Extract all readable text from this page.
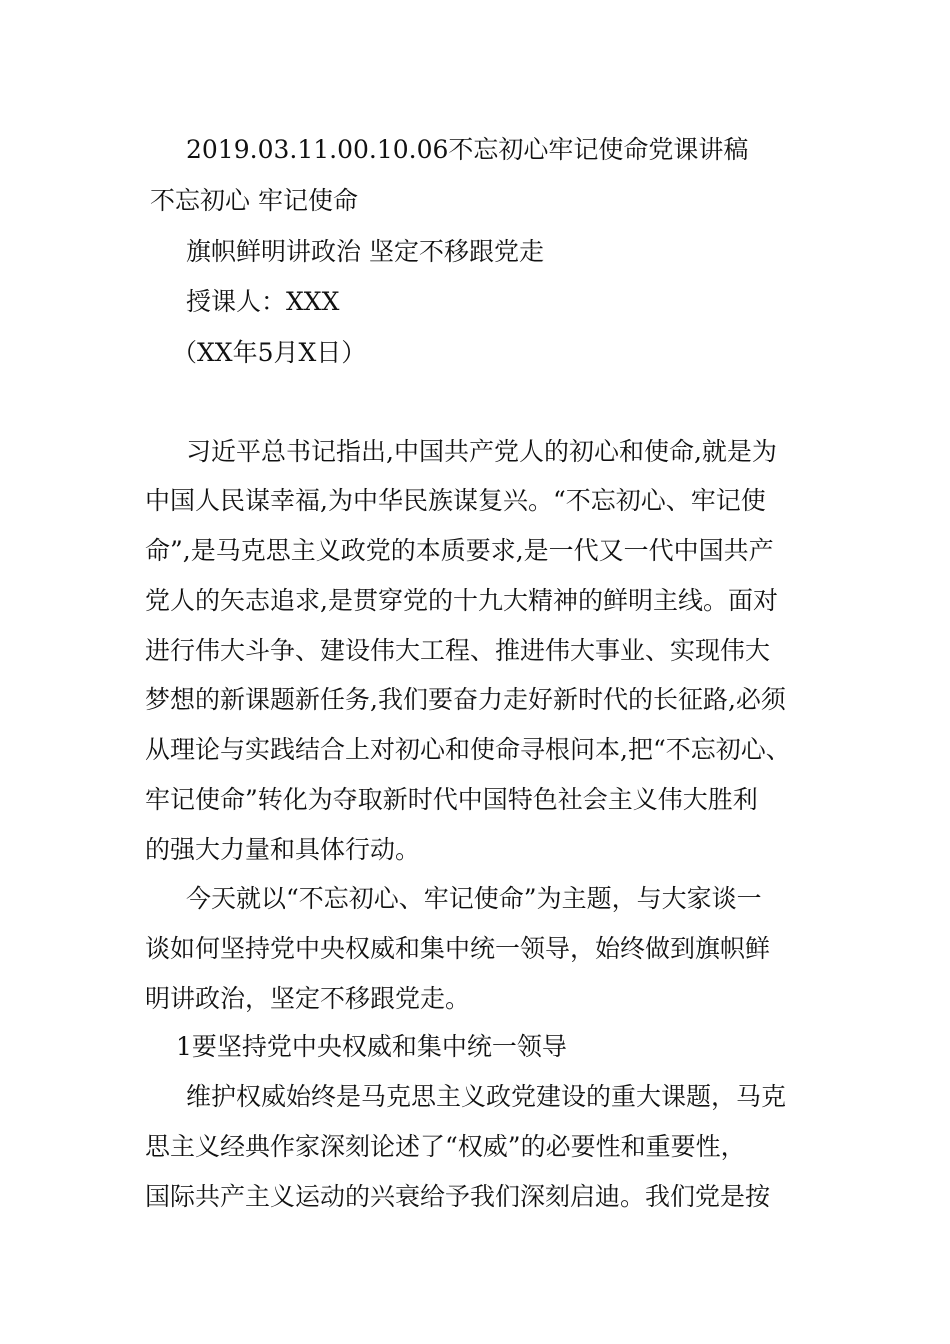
2019.03.11.00.10.06不忘初心牢记使命党课讲稿
不忘初心 牢记使命
旗帜鲜明讲政治 坚定不移跟党走
授课人：XXX
（XX年5月X日）
习近平总书记指出,中国共产党人的初心和使命,就是为
中国人民谋幸福,为中华民族谋复兴。“不忘初心、牢记使
命”,是马克思主义政党的本质要求,是一代又一代中国共产
党人的矢志追求,是贯穿党的十九大精神的鲜明主线。面对
进行伟大斗争、建设伟大工程、推进伟大事业、实现伟大
梦想的新课题新任务,我们要奋力走好新时代的长征路,必须
从理论与实践结合上对初心和使命寻根问本,把“不忘初心、
牢记使命”转化为夺取新时代中国特色社会主义伟大胜利
的强大力量和具体行动。
今天就以“不忘初心、牢记使命”为主题，与大家谈一
谈如何坚持党中央权威和集中统一领导，始终做到旗帜鲜
明讲政治，坚定不移跟党走。
1要坚持党中央权威和集中统一领导
维护权威始终是马克思主义政党建设的重大课题，马克
思主义经典作家深刻论述了“权威”的必要性和重要性，
国际共产主义运动的兴衰给予我们深刻启迪。我们党是按
